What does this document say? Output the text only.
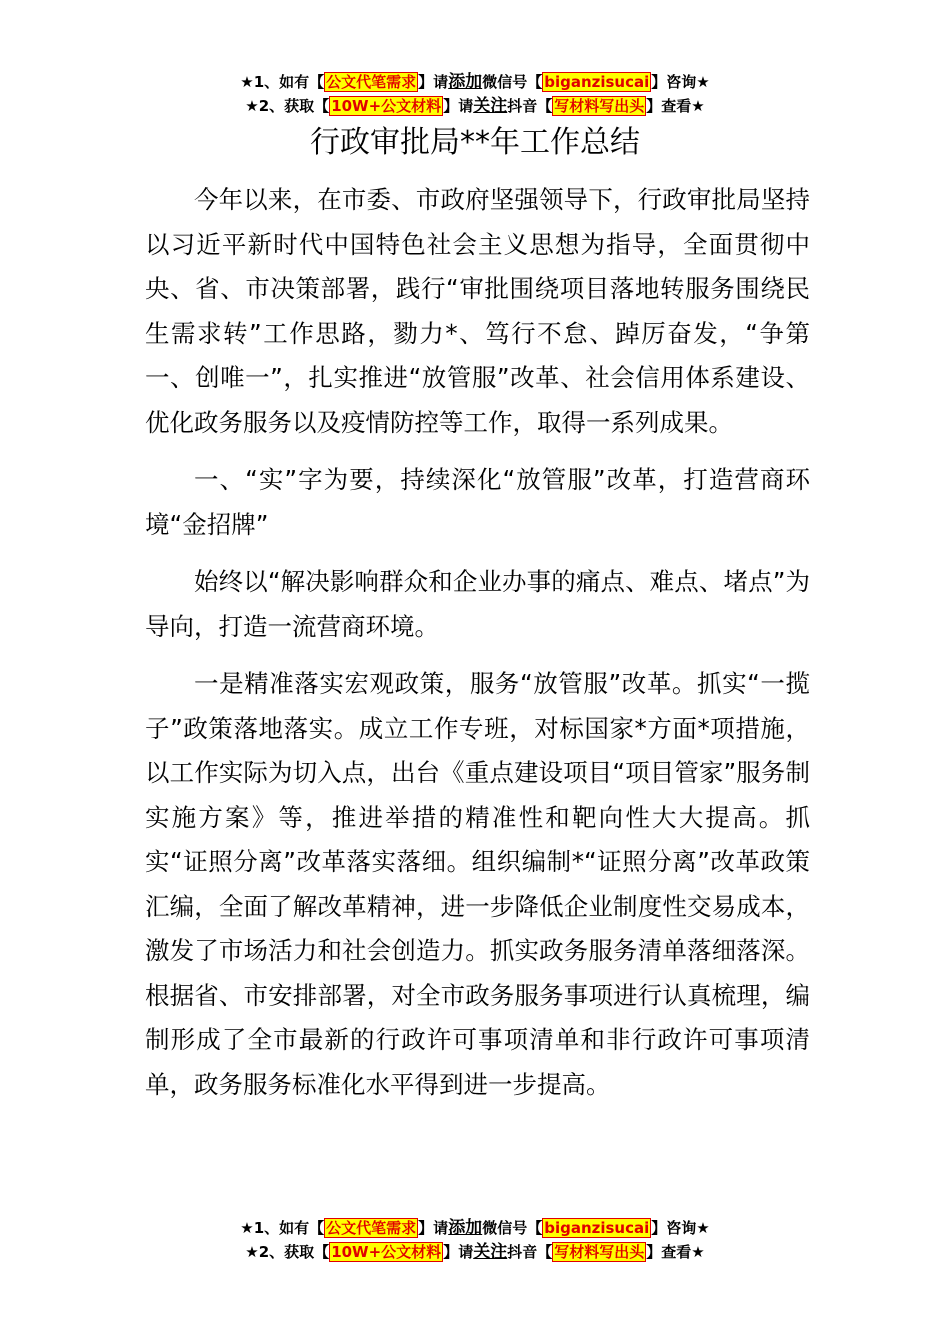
★1、如有【 公文代笔需求 】请添加微信号【 biganzisucai 】咨询★
★2、获取【 10W+公文材料 】请关注抖音【 写材料写出头 】查看★
行政审批局**年工作总结

今年以来，在市委、市政府坚强领导下，行政审批局坚持以习近平新时代中国特色社会主义思想为指导，全面贯彻中央、省、市决策部署，践行“审批围绕项目落地转服务围绕民生需求转”工作思路，勠力*、笃行不怠、踔厉奋发，“争第一、创唯一”，扎实推进“放管服”改革、社会信用体系建设、优化政务服务以及疫情防控等工作，取得一系列成果。

一、“实”字为要，持续深化“放管服”改革，打造营商环境“金招牌”

始终以“解决影响群众和企业办事的痛点、难点、堵点”为导向，打造一流营商环境。

一是精准落实宏观政策，服务“放管服”改革。抓实“一揽子”政策落地落实。成立工作专班，对标国家*方面*项措施，以工作实际为切入点，出台《重点建设项目“项目管家”服务制实施方案》等，推进举措的精准性和靶向性大大提高。抓实“证照分离”改革落实落细。组织编制*“证照分离”改革政策汇编，全面了解改革精神，进一步降低企业制度性交易成本，激发了市场活力和社会创造力。抓实政务服务清单落细落深。根据省、市安排部署，对全市政务服务事项进行认真梳理，编制形成了全市最新的行政许可事项清单和非行政许可事项清单，政务服务标准化水平得到进一步提高。

★1、如有【 公文代笔需求 】请添加微信号【 biganzisucai 】咨询★
★2、获取【 10W+公文材料 】请关注抖音【 写材料写出头 】查看★
